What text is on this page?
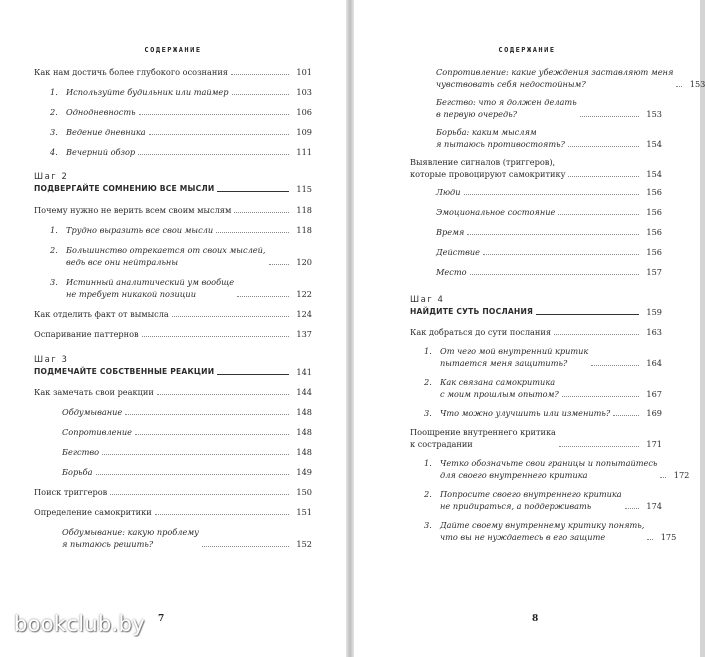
СОДЕРЖАНИЕ
Как нам достичь более глубокого осознания	101
1. Используйте будильник или таймер	103
2. Однодневность	106
3. Ведение дневника	109
4. Вечерний обзор	111
Шаг 2
ПОДВЕРГАЙТЕ СОМНЕНИЮ ВСЕ МЫСЛИ	115
Почему нужно не верить всем своим мыслям	118
1. Трудно выразить все свои мысли	118
2. Большинство отрекается от своих мыслей,
ведь все они нейтральны	120
3. Истинный аналитический ум вообще
не требует никакой позиции	122
Как отделить факт от вымысла	124
Оспаривание паттернов	137
Шаг 3
ПОДМЕЧАЙТЕ СОБСТВЕННЫЕ РЕАКЦИИ	141
Как замечать свои реакции	144
Обдумывание	148
Сопротивление	148
Бегство	148
Борьба	149
Поиск триггеров	150
Определение самокритики	151
Обдумывание: какую проблему
я пытаюсь решить?	152
7
СОДЕРЖАНИЕ
Сопротивление: какие убеждения заставляют меня
чувствовать себя недостойным?	153
Бегство: что я должен делать
в первую очередь?	153
Борьба: каким мыслям
я пытаюсь противостоять?	154
Выявление сигналов (триггеров),
которые провоцируют самокритику	154
Люди	156
Эмоциональное состояние	156
Время	156
Действие	156
Место	157
Шаг 4
НАЙДИТЕ СУТЬ ПОСЛАНИЯ	159
Как добраться до сути послания	163
1. От чего мой внутренний критик
пытается меня защитить?	164
2. Как связана самокритика
с моим прошлым опытом?	167
3. Что можно улучшить или изменить?	169
Поощрение внутреннего критика
к сострадании	171
1. Четко обозначьте свои границы и попытайтесь
для своего внутреннего критика	172
2. Попросите своего внутреннего критика
не придираться, а поддерживать	174
3. Дайте своему внутреннему критику понять,
что вы не нуждаетесь в его защите	175
8
bookclub.by
